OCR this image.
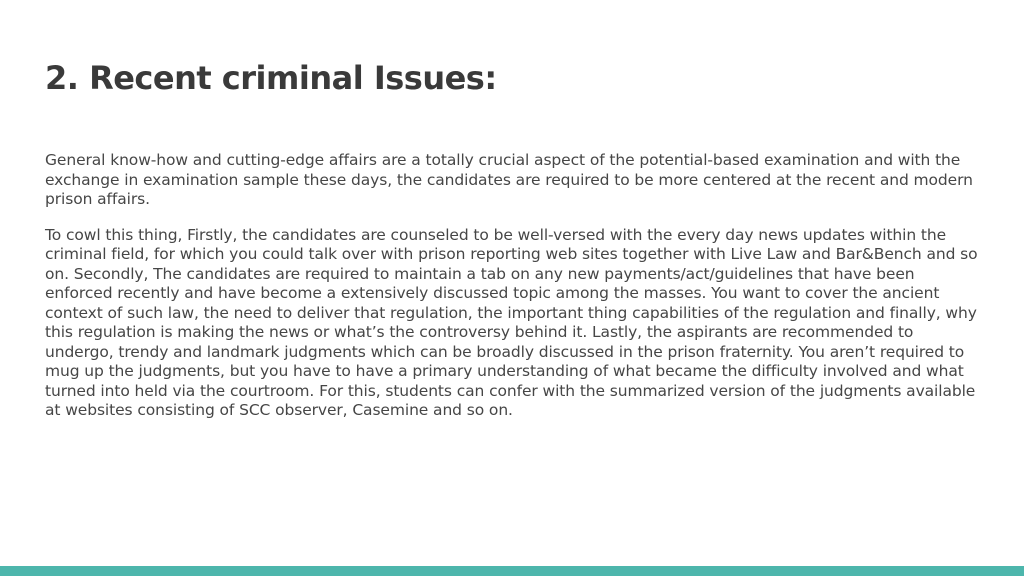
2. Recent criminal Issues:

General know-how and cutting-edge affairs are a totally crucial aspect of the potential-based examination and with the exchange in examination sample these days, the candidates are required to be more centered at the recent and modern prison affairs.

To cowl this thing, Firstly, the candidates are counseled to be well-versed with the every day news updates within the criminal field, for which you could talk over with prison reporting web sites together with Live Law and Bar&Bench and so on. Secondly, The candidates are required to maintain a tab on any new payments/act/guidelines that have been enforced recently and have become a extensively discussed topic among the masses. You want to cover the ancient context of such law, the need to deliver that regulation, the important thing capabilities of the regulation and finally, why this regulation is making the news or what’s the controversy behind it. Lastly, the aspirants are recommended to undergo, trendy and landmark judgments which can be broadly discussed in the prison fraternity. You aren’t required to mug up the judgments, but you have to have a primary understanding of what became the difficulty involved and what turned into held via the courtroom. For this, students can confer with the summarized version of the judgments available at websites consisting of SCC observer, Casemine and so on.
